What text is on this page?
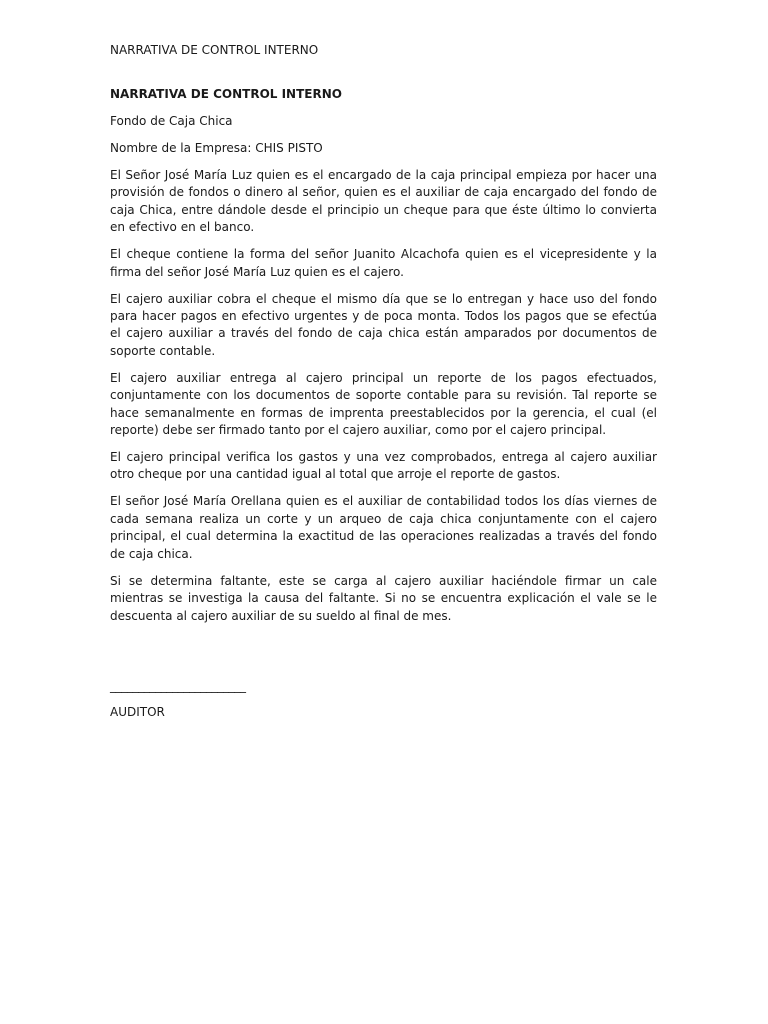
NARRATIVA DE CONTROL INTERNO

NARRATIVA DE CONTROL INTERNO

Fondo de Caja Chica

Nombre de la Empresa: CHIS PISTO

El Señor José María Luz quien es el encargado de la caja principal empieza por hacer una provisión de fondos o dinero al señor, quien es el auxiliar de caja encargado del fondo de caja Chica, entre dándole desde el principio un cheque para que éste último lo convierta en efectivo en el banco.

El cheque contiene la forma del señor Juanito Alcachofa quien es el vicepresidente y la firma del señor José María Luz quien es el cajero.

El cajero auxiliar cobra el cheque el mismo día que se lo entregan y hace uso del fondo para hacer pagos en efectivo urgentes y de poca monta. Todos los pagos que se efectúa el cajero auxiliar a través del fondo de caja chica están amparados por documentos de soporte contable.

El cajero auxiliar entrega al cajero principal un reporte de los pagos efectuados, conjuntamente con los documentos de soporte contable para su revisión. Tal reporte se hace semanalmente en formas de imprenta preestablecidos por la gerencia, el cual (el reporte) debe ser firmado tanto por el cajero auxiliar, como por el cajero principal.

El cajero principal verifica los gastos y una vez comprobados, entrega al cajero auxiliar otro cheque por una cantidad igual al total que arroje el reporte de gastos.

El señor José María Orellana quien es el auxiliar de contabilidad todos los días viernes de cada semana realiza un corte y un arqueo de caja chica conjuntamente con el cajero principal, el cual determina la exactitud de las operaciones realizadas a través del fondo de caja chica.

Si se determina faltante, este se carga al cajero auxiliar haciéndole firmar un cale mientras se investiga la causa del faltante. Si no se encuentra explicación el vale se le descuenta al cajero auxiliar de su sueldo al final de mes.

________________________
AUDITOR
